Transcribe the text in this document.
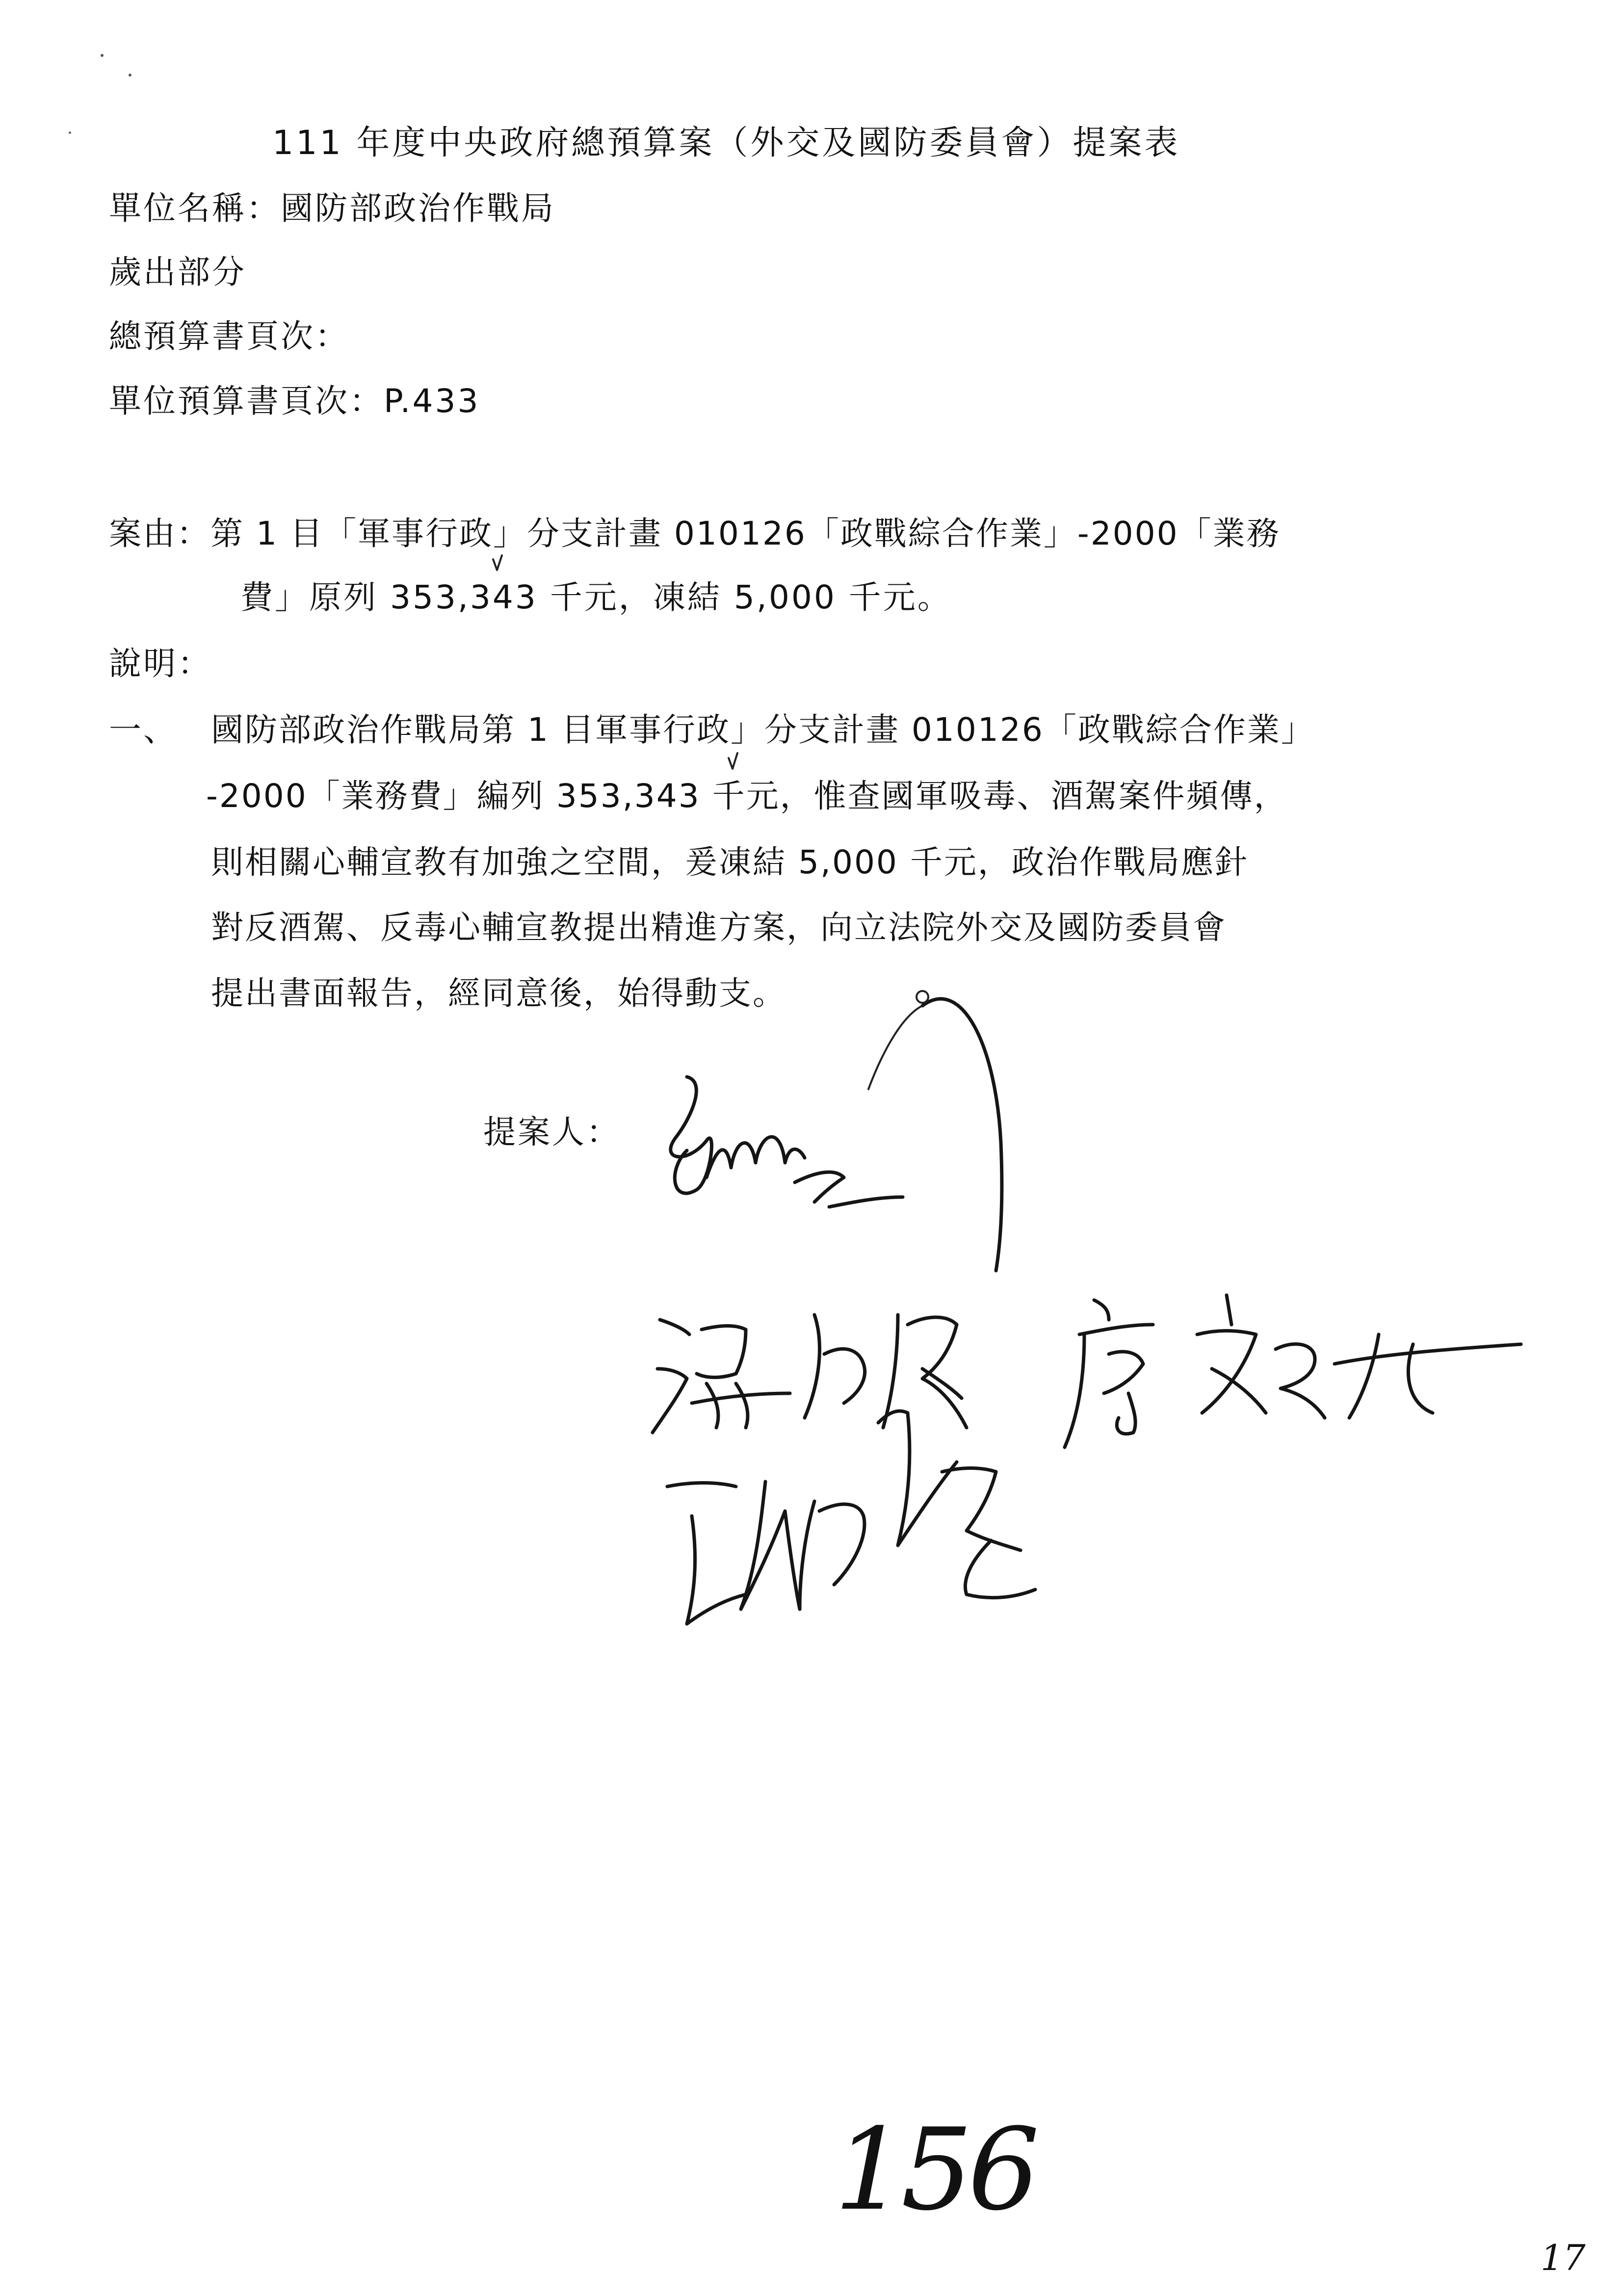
111 年度中央政府總預算案（外交及國防委員會）提案表
單位名稱：國防部政治作戰局
歲出部分
總預算書頁次：
單位預算書頁次：P.433
案由：第 1 目「軍事行政」分支計畫 010126「政戰綜合作業」-2000「業務
費」原列 353,343 千元，凍結 5,000 千元。
說明：
一、 國防部政治作戰局第 1 目軍事行政」分支計畫 010126「政戰綜合作業」
-2000「業務費」編列 353,343 千元，惟查國軍吸毒、酒駕案件頻傳，
則相關心輔宣教有加強之空間，爰凍結 5,000 千元，政治作戰局應針
對反酒駕、反毒心輔宣教提出精進方案，向立法院外交及國防委員會
提出書面報告，經同意後，始得動支。
提案人：
156
17
